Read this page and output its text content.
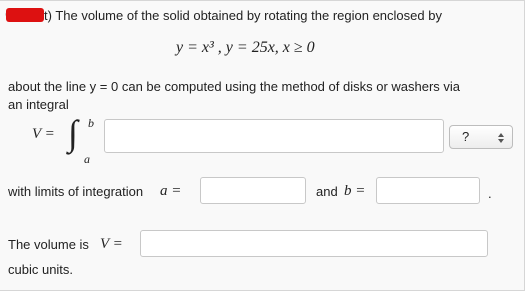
t) The volume of the solid obtained by rotating the region enclosed by
y = x³ , y = 25x, x ≥ 0
about the line y = 0 can be computed using the method of disks or washers via
an integral
V = ∫ b
a
?
with limits of integration a =	and b =	.
The volume is V =
cubic units.
